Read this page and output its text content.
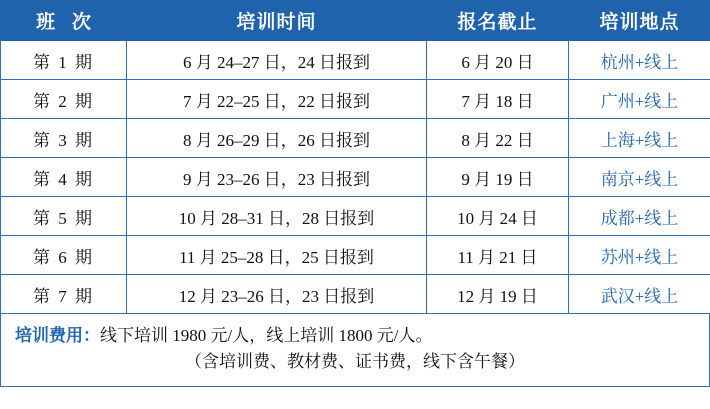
班 次	培训时间	报名截止	培训地点
第 1 期	6 月 24–27 日，24 日报到	6 月 20 日	杭州+线上
第 2 期	7 月 22–25 日，22 日报到	7 月 18 日	广州+线上
第 3 期	8 月 26–29 日，26 日报到	8 月 22 日	上海+线上
第 4 期	9 月 23–26 日，23 日报到	9 月 19 日	南京+线上
第 5 期	10 月 28–31 日，28 日报到	10 月 24 日	成都+线上
第 6 期	11 月 25–28 日，25 日报到	11 月 21 日	苏州+线上
第 7 期	12 月 23–26 日，23 日报到	12 月 19 日	武汉+线上
培训费用：线下培训 1980 元/人，线上培训 1800 元/人。
（含培训费、教材费、证书费，线下含午餐）
